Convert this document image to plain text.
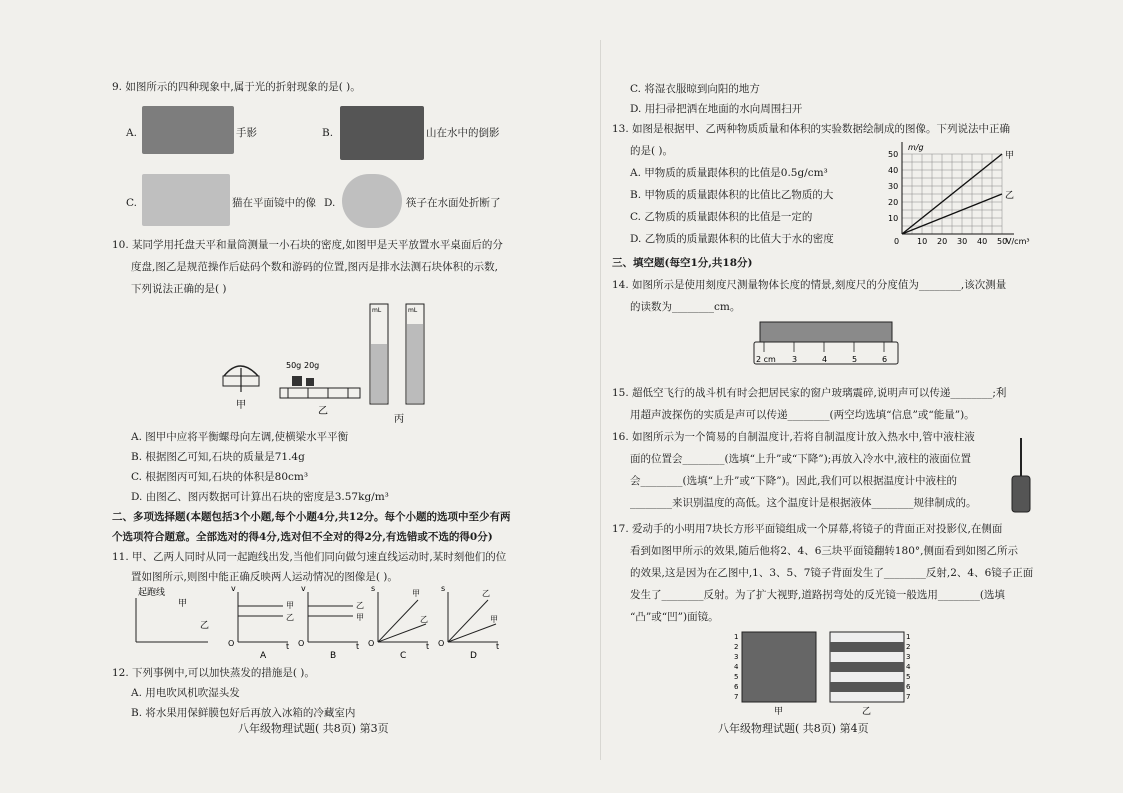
9. 如图所示的四种现象中,属于光的折射现象的是( )。
A.	手影	B.	山在水中的倒影
C.	猫在平面镜中的像 D.	筷子在水面处折断了
10. 某同学用托盘天平和量筒测量一小石块的密度,如图甲是天平放置水平桌面后的分
度盘,图乙是规范操作后砝码个数和游码的位置,图丙是排水法测石块体积的示数,
下列说法正确的是( )
甲
50g 20g
乙
mL	mL
丙
A. 图甲中应将平衡螺母向左调,使横梁水平平衡
B. 根据图乙可知,石块的质量是71.4g
C. 根据图丙可知,石块的体积是80cm³
D. 由图乙、图丙数据可计算出石块的密度是3.57kg/m³
二、多项选择题(本题包括3个小题,每个小题4分,共12分。每个小题的选项中至少有两
个选项符合题意。全部选对的得4分,选对但不全对的得2分,有选错或不选的得0分)
11. 甲、乙两人同时从同一起跑线出发,当他们同向做匀速直线运动时,某时刻他们的位
置如图所示,则图中能正确反映两人运动情况的图像是( )。
起跑线
甲
乙
v
O	t
甲
乙
A
v
O	t
乙
甲
B
s
O	t
甲
乙
C
s
O	t
乙
甲
D
12. 下列事例中,可以加快蒸发的措施是( )。
A. 用电吹风机吹湿头发
B. 将水果用保鲜膜包好后再放入冰箱的冷藏室内
八年级物理试题( 共8页) 第3页
C. 将湿衣服晾到向阳的地方
D. 用扫帚把洒在地面的水向周围扫开
13. 如图是根据甲、乙两种物质质量和体积的实验数据绘制成的图像。下列说法中正确
的是( )。
A. 甲物质的质量跟体积的比值是0.5g/cm³
B. 甲物质的质量跟体积的比值比乙物质的大
C. 乙物质的质量跟体积的比值是一定的
D. 乙物质的质量跟体积的比值大于水的密度	10 20 30 40 50
10
20
30
40
50
0	V/cm³
m/g
甲
乙
三、填空题(每空1分,共18分)
14. 如图所示是使用刻度尺测量物体长度的情景,刻度尺的分度值为________,该次测量
的读数为________cm。
2 cm 3	4	5	6
15. 超低空飞行的战斗机有时会把居民家的窗户玻璃震碎,说明声可以传递________;利
用超声波探伤的实质是声可以传递________(两空均选填“信息”或“能量”)。
16. 如图所示为一个简易的自制温度计,若将自制温度计放入热水中,管中液柱液
面的位置会________(选填“上升”或“下降”);再放入冷水中,液柱的液面位置
会________(选填“上升”或“下降”)。因此,我们可以根据温度计中液柱的
________来识别温度的高低。这个温度计是根据液体________规律制成的。
17. 爱动手的小明用7块长方形平面镜组成一个屏幕,将镜子的背面正对投影仪,在侧面
看到如图甲所示的效果,随后他将2、4、6三块平面镜翻转180°,侧面看到如图乙所示
的效果,这是因为在乙图中,1、3、5、7镜子背面发生了________反射,2、4、6镜子正面
发生了________反射。为了扩大视野,道路拐弯处的反光镜一般选用________(选填
“凸”或“凹”)面镜。
1
2
3
4
5
6
7
1
2
3
4
5
6
7
甲	乙
八年级物理试题( 共8页) 第4页
